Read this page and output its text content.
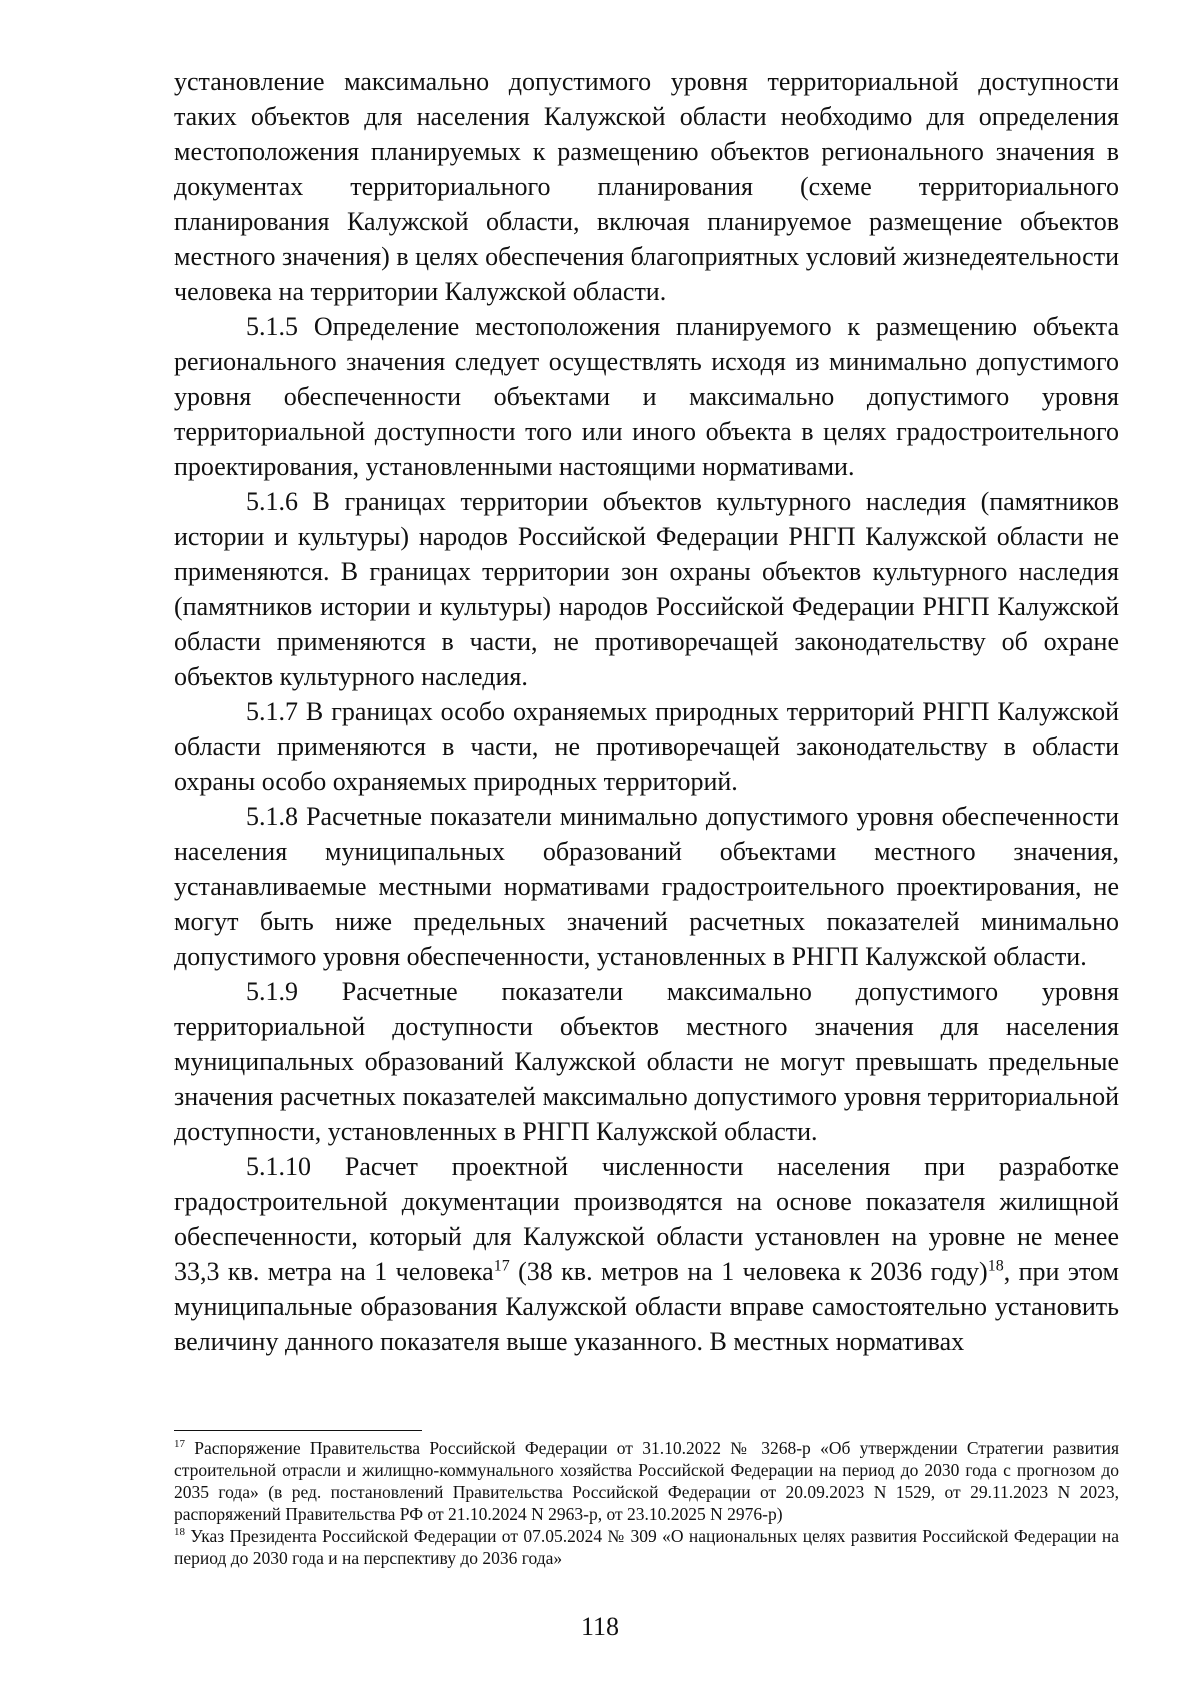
установление максимально допустимого уровня территориальной доступности таких объектов для населения Калужской области необходимо для определения местоположения планируемых к размещению объектов регионального значения в документах территориального планирования (схеме территориального планирования Калужской области, включая планируемое размещение объектов местного значения) в целях обеспечения благоприятных условий жизнедеятельности человека на территории Калужской области.

5.1.5 Определение местоположения планируемого к размещению объекта регионального значения следует осуществлять исходя из минимально допустимого уровня обеспеченности объектами и максимально допустимого уровня территориальной доступности того или иного объекта в целях градостроительного проектирования, установленными настоящими нормативами.

5.1.6 В границах территории объектов культурного наследия (памятников истории и культуры) народов Российской Федерации РНГП Калужской области не применяются. В границах территории зон охраны объектов культурного наследия (памятников истории и культуры) народов Российской Федерации РНГП Калужской области применяются в части, не противоречащей законодательству об охране объектов культурного наследия.

5.1.7 В границах особо охраняемых природных территорий РНГП Калужской области применяются в части, не противоречащей законодательству в области охраны особо охраняемых природных территорий.

5.1.8 Расчетные показатели минимально допустимого уровня обеспеченности населения муниципальных образований объектами местного значения, устанавливаемые местными нормативами градостроительного проектирования, не могут быть ниже предельных значений расчетных показателей минимально допустимого уровня обеспеченности, установленных в РНГП Калужской области.

5.1.9 Расчетные показатели максимально допустимого уровня территориальной доступности объектов местного значения для населения муниципальных образований Калужской области не могут превышать предельные значения расчетных показателей максимально допустимого уровня территориальной доступности, установленных в РНГП Калужской области.

5.1.10 Расчет проектной численности населения при разработке градостроительной документации производятся на основе показателя жилищной обеспеченности, который для Калужской области установлен на уровне не менее 33,3 кв. метра на 1 человека$^{17}$ (38 кв. метров на 1 человека к 2036 году)$^{18}$, при этом муниципальные образования Калужской области вправе самостоятельно установить величину данного показателя выше указанного. В местных нормативах

$^{17}$ Распоряжение Правительства Российской Федерации от 31.10.2022 № 3268-р «Об утверждении Стратегии развития строительной отрасли и жилищно-коммунального хозяйства Российской Федерации на период до 2030 года с прогнозом до 2035 года» (в ред. постановлений Правительства Российской Федерации от 20.09.2023 N 1529, от 29.11.2023 N 2023, распоряжений Правительства РФ от 21.10.2024 N 2963-р, от 23.10.2025 N 2976-р)

$^{18}$ Указ Президента Российской Федерации от 07.05.2024 № 309 «О национальных целях развития Российской Федерации на период до 2030 года и на перспективу до 2036 года»

118
